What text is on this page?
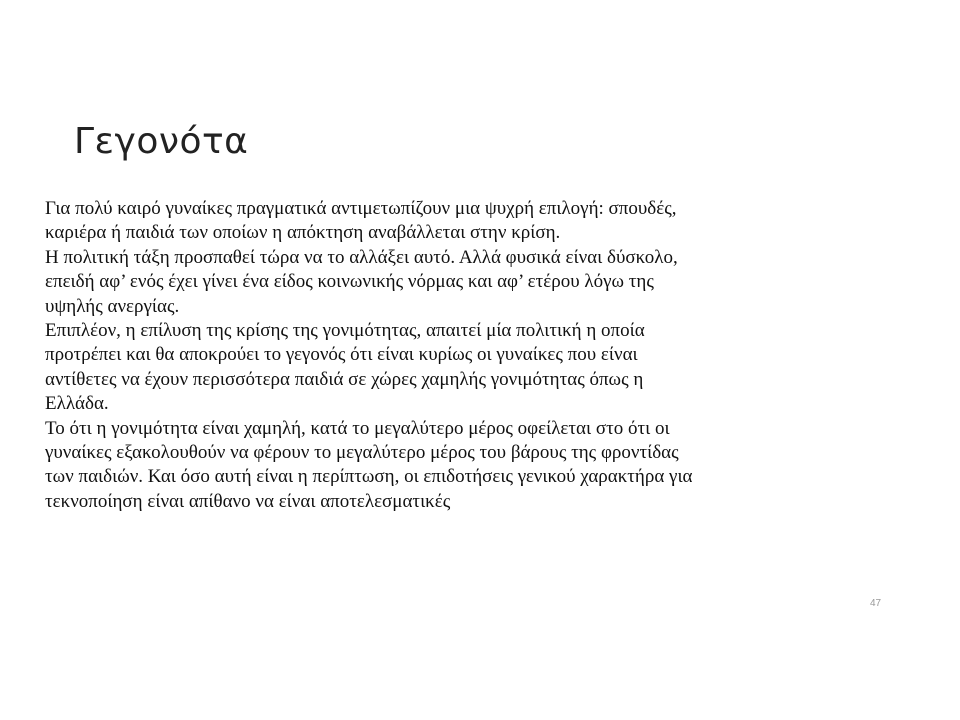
Γεγονότα
Για πολύ καιρό γυναίκες πραγματικά αντιμετωπίζουν μια ψυχρή επιλογή: σπουδές,
καριέρα ή παιδιά των οποίων η απόκτηση αναβάλλεται στην κρίση.
Η πολιτική τάξη προσπαθεί τώρα να το αλλάξει αυτό. Αλλά φυσικά είναι δύσκολο,
επειδή αφ’ ενός έχει γίνει ένα είδος κοινωνικής νόρμας και αφ’ ετέρου λόγω της
υψηλής ανεργίας.
Επιπλέον, η επίλυση της κρίσης της γονιμότητας, απαιτεί μία πολιτική η οποία
προτρέπει και θα αποκρούει το γεγονός ότι είναι κυρίως οι γυναίκες που είναι
αντίθετες να έχουν περισσότερα παιδιά σε χώρες χαμηλής γονιμότητας όπως η
Ελλάδα.
Το ότι η γονιμότητα είναι χαμηλή, κατά το μεγαλύτερο μέρος οφείλεται στο ότι οι
γυναίκες εξακολουθούν να φέρουν το μεγαλύτερο μέρος του βάρους της φροντίδας
των παιδιών. Και όσο αυτή είναι η περίπτωση, οι επιδοτήσεις γενικού χαρακτήρα για
τεκνοποίηση είναι απίθανο να είναι αποτελεσματικές
47
